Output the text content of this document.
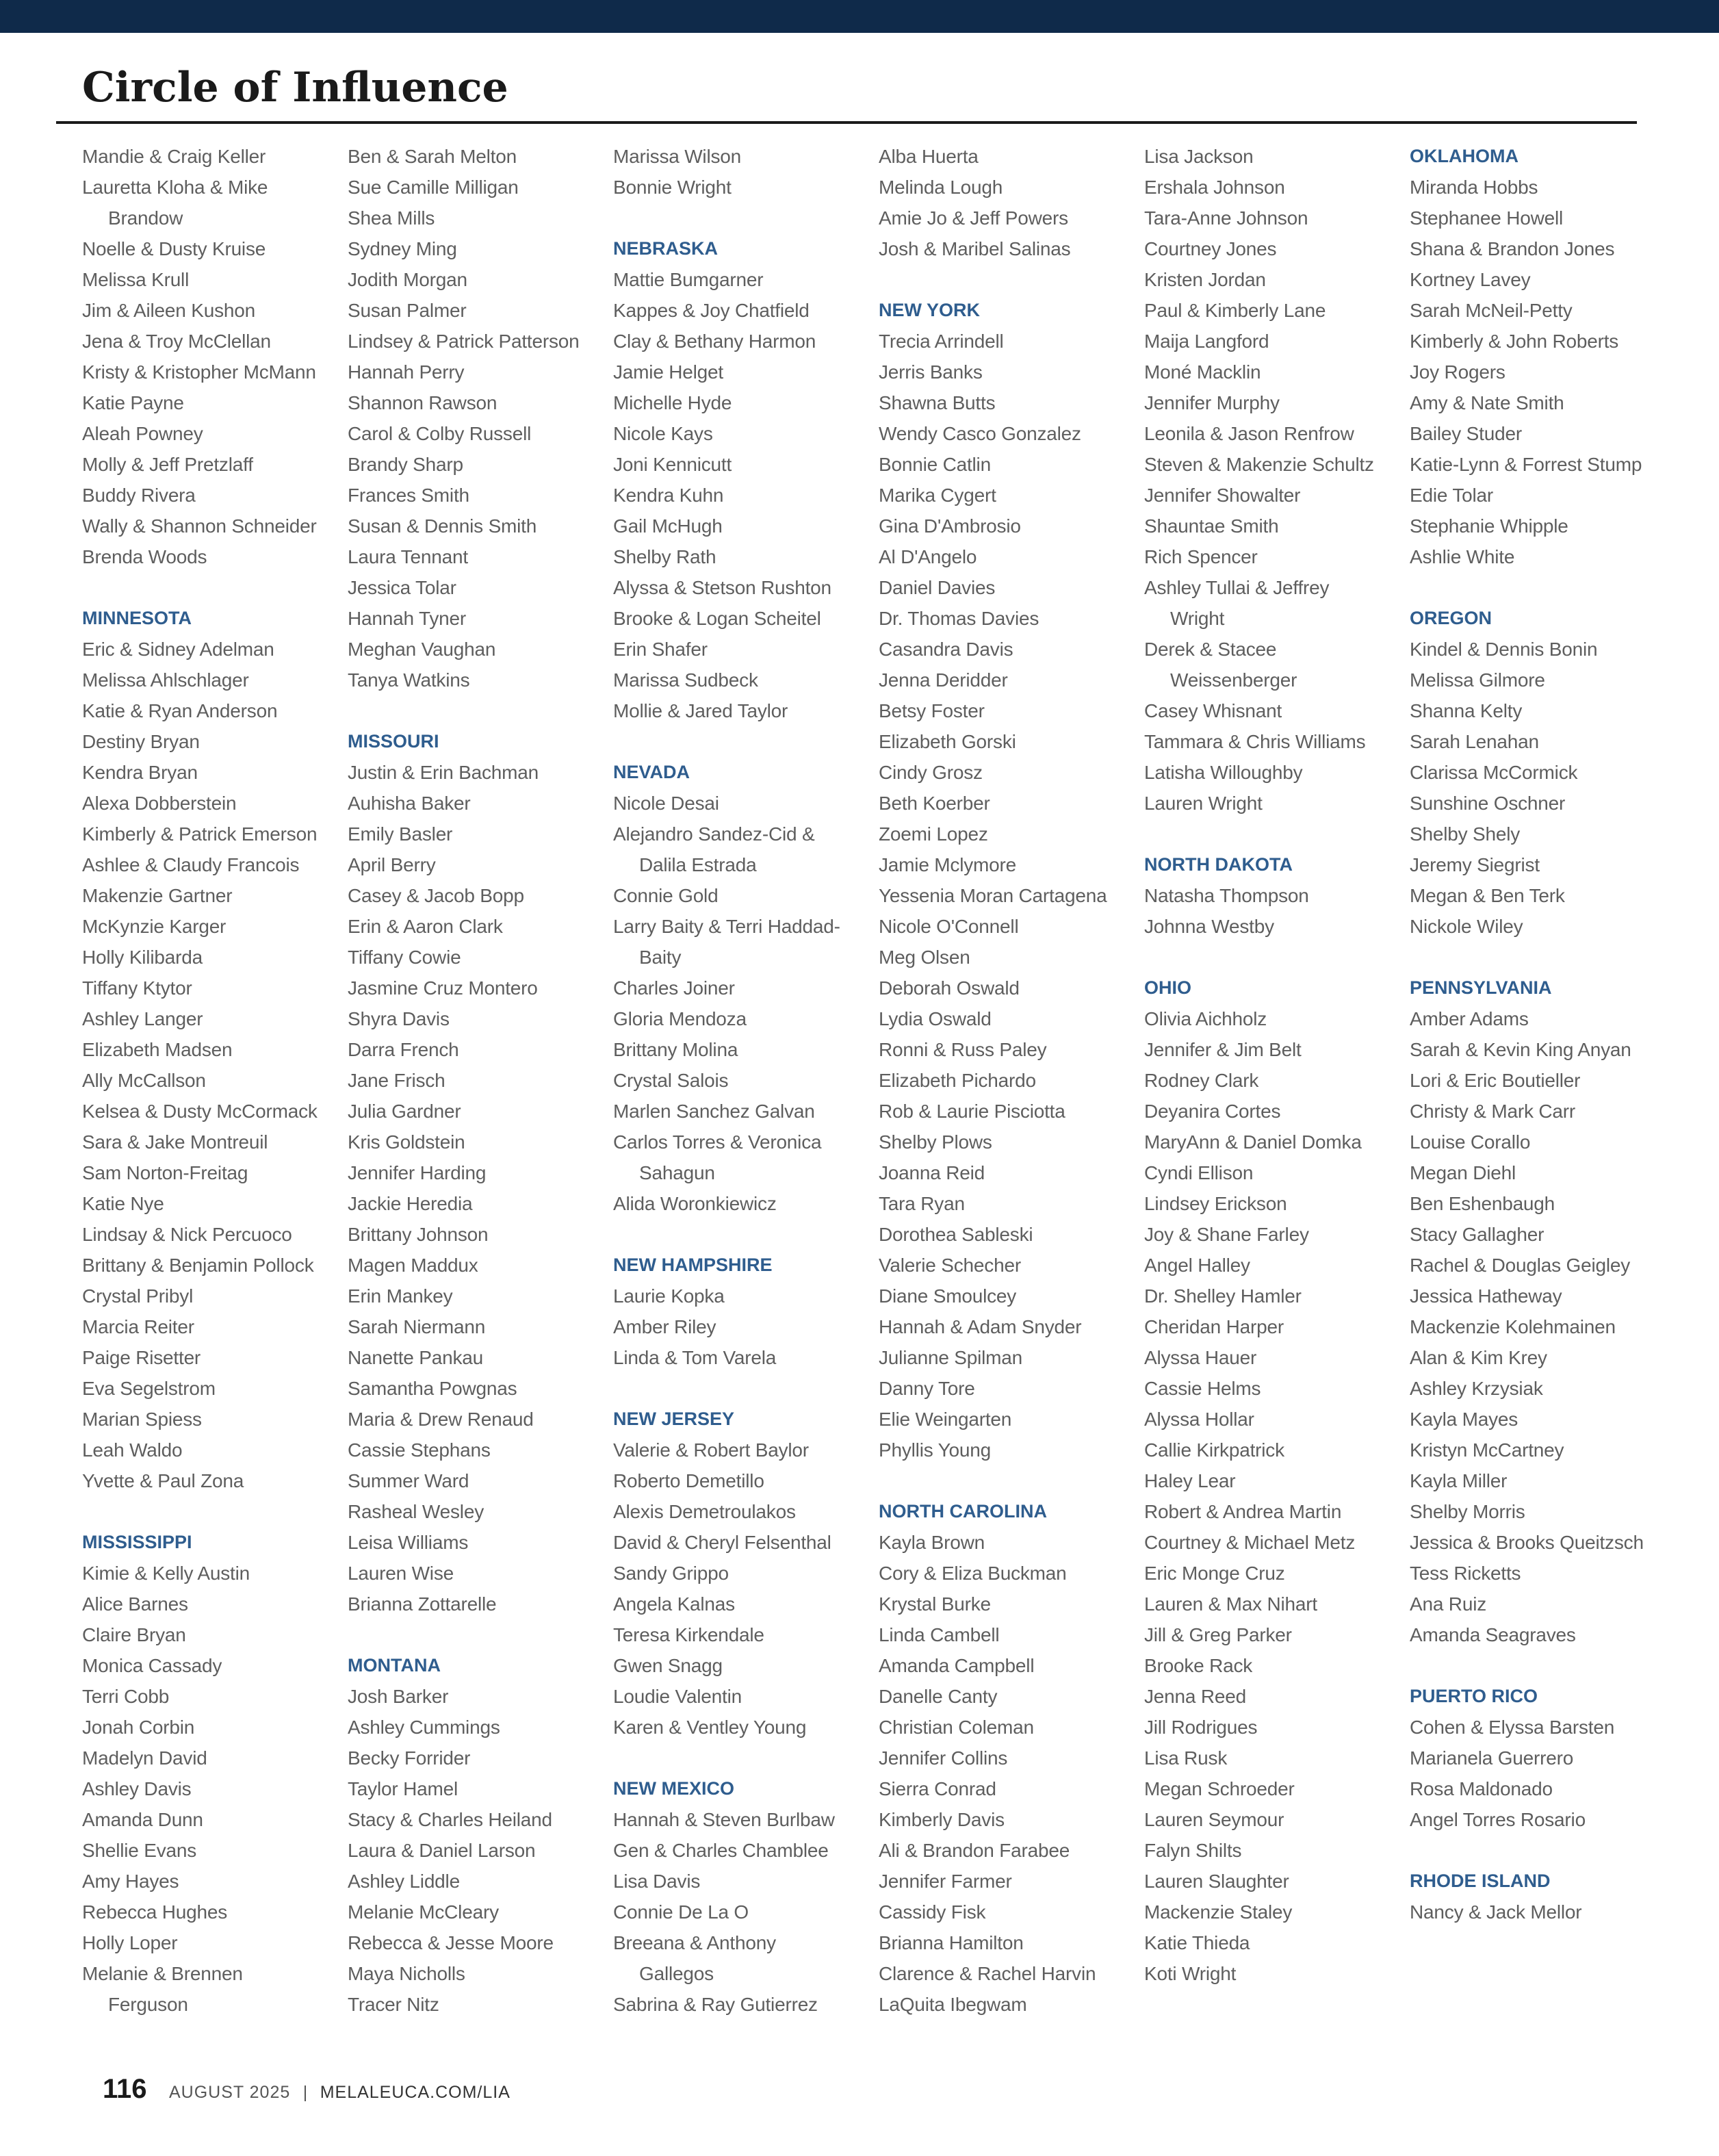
Circle of Influence
Mandie & Craig Keller
Lauretta Kloha & Mike Brandow
Noelle & Dusty Kruise
Melissa Krull
Jim & Aileen Kushon
Jena & Troy McClellan
Kristy & Kristopher McMann
Katie Payne
Aleah Powney
Molly & Jeff Pretzlaff
Buddy Rivera
Wally & Shannon Schneider
Brenda Woods
MINNESOTA
Eric & Sidney Adelman
Melissa Ahlschlager
Katie & Ryan Anderson
Destiny Bryan
Kendra Bryan
Alexa Dobberstein
Kimberly & Patrick Emerson
Ashlee & Claudy Francois
Makenzie Gartner
McKynzie Karger
Holly Kilibarda
Tiffany Ktytor
Ashley Langer
Elizabeth Madsen
Ally McCallson
Kelsea & Dusty McCormack
Sara & Jake Montreuil
Sam Norton-Freitag
Katie Nye
Lindsay & Nick Percuoco
Brittany & Benjamin Pollock
Crystal Pribyl
Marcia Reiter
Paige Risetter
Eva Segelstrom
Marian Spiess
Leah Waldo
Yvette & Paul Zona
MISSISSIPPI
Kimie & Kelly Austin
Alice Barnes
Claire Bryan
Monica Cassady
Terri Cobb
Jonah Corbin
Madelyn David
Ashley Davis
Amanda Dunn
Shellie Evans
Amy Hayes
Rebecca Hughes
Holly Loper
Melanie & Brennen Ferguson
Ben & Sarah Melton
Sue Camille Milligan
Shea Mills
Sydney Ming
Jodith Morgan
Susan Palmer
Lindsey & Patrick Patterson
Hannah Perry
Shannon Rawson
Carol & Colby Russell
Brandy Sharp
Frances Smith
Susan & Dennis Smith
Laura Tennant
Jessica Tolar
Hannah Tyner
Meghan Vaughan
Tanya Watkins
MISSOURI
Justin & Erin Bachman
Auhisha Baker
Emily Basler
April Berry
Casey & Jacob Bopp
Erin & Aaron Clark
Tiffany Cowie
Jasmine Cruz Montero
Shyra Davis
Darra French
Jane Frisch
Julia Gardner
Kris Goldstein
Jennifer Harding
Jackie Heredia
Brittany Johnson
Magen Maddux
Erin Mankey
Sarah Niermann
Nanette Pankau
Samantha Powgnas
Maria & Drew Renaud
Cassie Stephans
Summer Ward
Rasheal Wesley
Leisa Williams
Lauren Wise
Brianna Zottarelle
MONTANA
Josh Barker
Ashley Cummings
Becky Forrider
Taylor Hamel
Stacy & Charles Heiland
Laura & Daniel Larson
Ashley Liddle
Melanie McCleary
Rebecca & Jesse Moore
Maya Nicholls
Tracer Nitz
Marissa Wilson
Bonnie Wright
NEBRASKA
Mattie Bumgarner
Kappes & Joy Chatfield
Clay & Bethany Harmon
Jamie Helget
Michelle Hyde
Nicole Kays
Joni Kennicutt
Kendra Kuhn
Gail McHugh
Shelby Rath
Alyssa & Stetson Rushton
Brooke & Logan Scheitel
Erin Shafer
Marissa Sudbeck
Mollie & Jared Taylor
NEVADA
Nicole Desai
Alejandro Sandez-Cid & Dalila Estrada
Connie Gold
Larry Baity & Terri Haddad-Baity
Charles Joiner
Gloria Mendoza
Brittany Molina
Crystal Salois
Marlen Sanchez Galvan
Carlos Torres & Veronica Sahagun
Alida Woronkiewicz
NEW HAMPSHIRE
Laurie Kopka
Amber Riley
Linda & Tom Varela
NEW JERSEY
Valerie & Robert Baylor
Roberto Demetillo
Alexis Demetroulakos
David & Cheryl Felsenthal
Sandy Grippo
Angela Kalnas
Teresa Kirkendale
Gwen Snagg
Loudie Valentin
Karen & Ventley Young
NEW MEXICO
Hannah & Steven Burlbaw
Gen & Charles Chamblee
Lisa Davis
Connie De La O
Breeana & Anthony Gallegos
Sabrina & Ray Gutierrez
Alba Huerta
Melinda Lough
Amie Jo & Jeff Powers
Josh & Maribel Salinas
NEW YORK
Trecia Arrindell
Jerris Banks
Shawna Butts
Wendy Casco Gonzalez
Bonnie Catlin
Marika Cygert
Gina D'Ambrosio
Al D'Angelo
Daniel Davies
Dr. Thomas Davies
Casandra Davis
Jenna Deridder
Betsy Foster
Elizabeth Gorski
Cindy Grosz
Beth Koerber
Zoemi Lopez
Jamie Mclymore
Yessenia Moran Cartagena
Nicole O'Connell
Meg Olsen
Deborah Oswald
Lydia Oswald
Ronni & Russ Paley
Elizabeth Pichardo
Rob & Laurie Pisciotta
Shelby Plows
Joanna Reid
Tara Ryan
Dorothea Sableski
Valerie Schecher
Diane Smoulcey
Hannah & Adam Snyder
Julianne Spilman
Danny Tore
Elie Weingarten
Phyllis Young
NORTH CAROLINA
Kayla Brown
Cory & Eliza Buckman
Krystal Burke
Linda Cambell
Amanda Campbell
Danelle Canty
Christian Coleman
Jennifer Collins
Sierra Conrad
Kimberly Davis
Ali & Brandon Farabee
Jennifer Farmer
Cassidy Fisk
Brianna Hamilton
Clarence & Rachel Harvin
LaQuita Ibegwam
Lisa Jackson
Ershala Johnson
Tara-Anne Johnson
Courtney Jones
Kristen Jordan
Paul & Kimberly Lane
Maija Langford
Moné Macklin
Jennifer Murphy
Leonila & Jason Renfrow
Steven & Makenzie Schultz
Jennifer Showalter
Shauntae Smith
Rich Spencer
Ashley Tullai & Jeffrey Wright
Derek & Stacee Weissenberger
Casey Whisnant
Tammara & Chris Williams
Latisha Willoughby
Lauren Wright
NORTH DAKOTA
Natasha Thompson
Johnna Westby
OHIO
Olivia Aichholz
Jennifer & Jim Belt
Rodney Clark
Deyanira Cortes
MaryAnn & Daniel Domka
Cyndi Ellison
Lindsey Erickson
Joy & Shane Farley
Angel Halley
Dr. Shelley Hamler
Cheridan Harper
Alyssa Hauer
Cassie Helms
Alyssa Hollar
Callie Kirkpatrick
Haley Lear
Robert & Andrea Martin
Courtney & Michael Metz
Eric Monge Cruz
Lauren & Max Nihart
Jill & Greg Parker
Brooke Rack
Jenna Reed
Jill Rodrigues
Lisa Rusk
Megan Schroeder
Lauren Seymour
Falyn Shilts
Lauren Slaughter
Mackenzie Staley
Katie Thieda
Koti Wright
OKLAHOMA
Miranda Hobbs
Stephanee Howell
Shana & Brandon Jones
Kortney Lavey
Sarah McNeil-Petty
Kimberly & John Roberts
Joy Rogers
Amy & Nate Smith
Bailey Studer
Katie-Lynn & Forrest Stump
Edie Tolar
Stephanie Whipple
Ashlie White
OREGON
Kindel & Dennis Bonin
Melissa Gilmore
Shanna Kelty
Sarah Lenahan
Clarissa McCormick
Sunshine Oschner
Shelby Shely
Jeremy Siegrist
Megan & Ben Terk
Nickole Wiley
PENNSYLVANIA
Amber Adams
Sarah & Kevin King Anyan
Lori & Eric Boutieller
Christy & Mark Carr
Louise Corallo
Megan Diehl
Ben Eshenbaugh
Stacy Gallagher
Rachel & Douglas Geigley
Jessica Hatheway
Mackenzie Kolehmainen
Alan & Kim Krey
Ashley Krzysiak
Kayla Mayes
Kristyn McCartney
Kayla Miller
Shelby Morris
Jessica & Brooks Queitzsch
Tess Ricketts
Ana Ruiz
Amanda Seagraves
PUERTO RICO
Cohen & Elyssa Barsten
Marianela Guerrero
Rosa Maldonado
Angel Torres Rosario
RHODE ISLAND
Nancy & Jack Mellor
116 AUGUST 2025 | MELALEUCA.COM/LIA
